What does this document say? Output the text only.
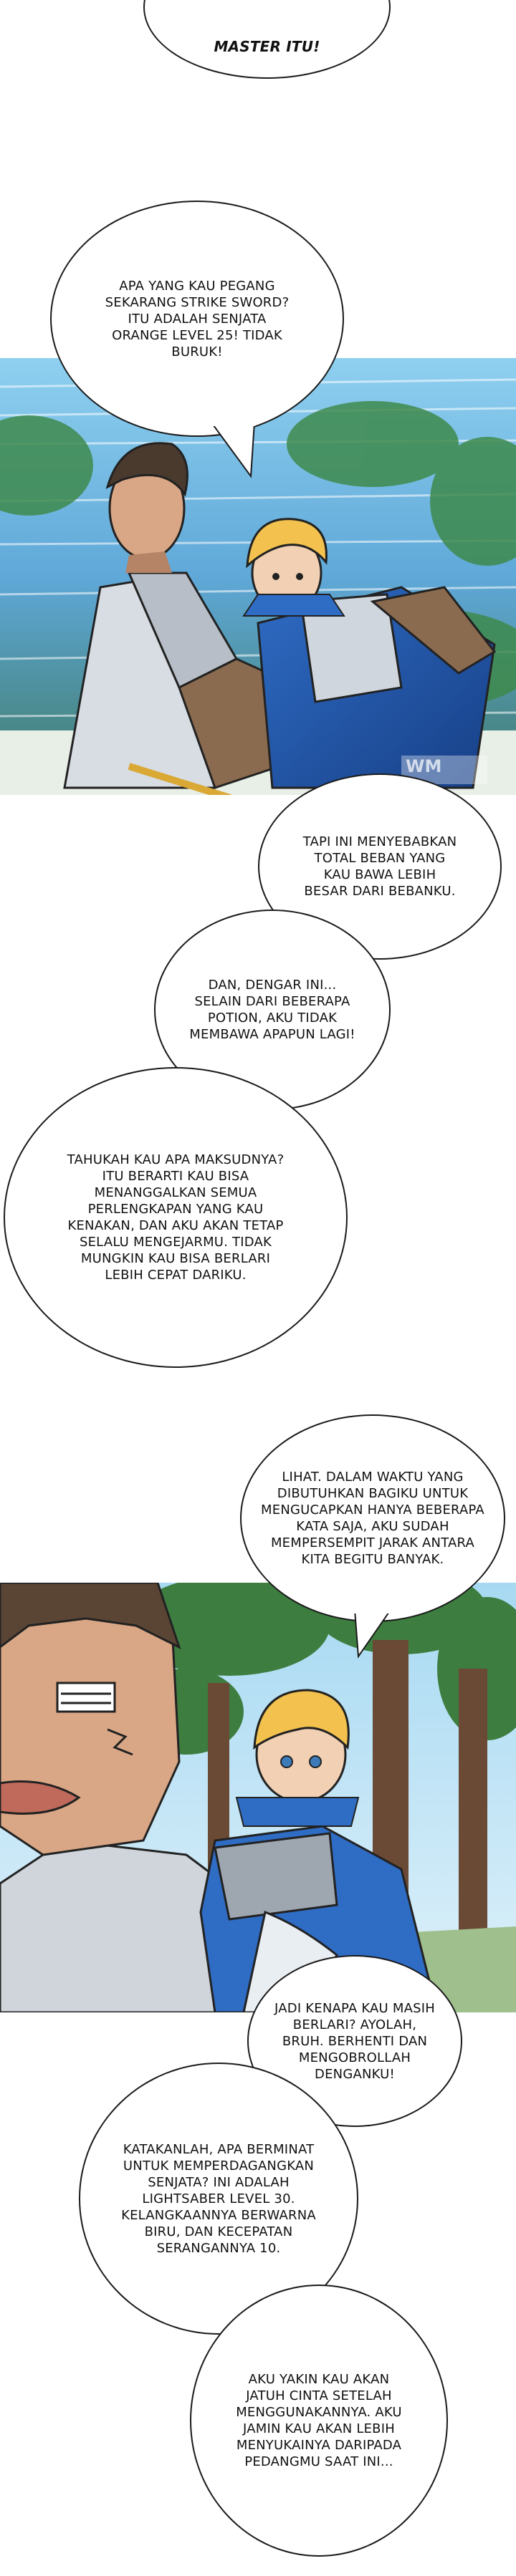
MASTER ITU!
WM
APA YANG KAU PEGANG
SEKARANG STRIKE SWORD?
ITU ADALAH SENJATA
ORANGE LEVEL 25! TIDAK
BURUK!
TAPI INI MENYEBABKAN
TOTAL BEBAN YANG
KAU BAWA LEBIH
BESAR DARI BEBANKU.
DAN, DENGAR INI...
SELAIN DARI BEBERAPA
POTION, AKU TIDAK
MEMBAWA APAPUN LAGI!
TAHUKAH KAU APA MAKSUDNYA?
ITU BERARTI KAU BISA
MENANGGALKAN SEMUA
PERLENGKAPAN YANG KAU
KENAKAN, DAN AKU AKAN TETAP
SELALU MENGEJARMU. TIDAK
MUNGKIN KAU BISA BERLARI
LEBIH CEPAT DARIKU.
LIHAT. DALAM WAKTU YANG
DIBUTUHKAN BAGIKU UNTUK
MENGUCAPKAN HANYA BEBERAPA
KATA SAJA, AKU SUDAH
MEMPERSEMPIT JARAK ANTARA
KITA BEGITU BANYAK.
JADI KENAPA KAU MASIH
BERLARI? AYOLAH,
BRUH. BERHENTI DAN
MENGOBROLLAH
DENGANKU!
KATAKANLAH, APA BERMINAT
UNTUK MEMPERDAGANGKAN
SENJATA? INI ADALAH
LIGHTSABER LEVEL 30.
KELANGKAANNYA BERWARNA
BIRU, DAN KECEPATAN
SERANGANNYA 10.
AKU YAKIN KAU AKAN
JATUH CINTA SETELAH
MENGGUNAKANNYA. AKU
JAMIN KAU AKAN LEBIH
MENYUKAINYA DARIPADA
PEDANGMU SAAT INI...
